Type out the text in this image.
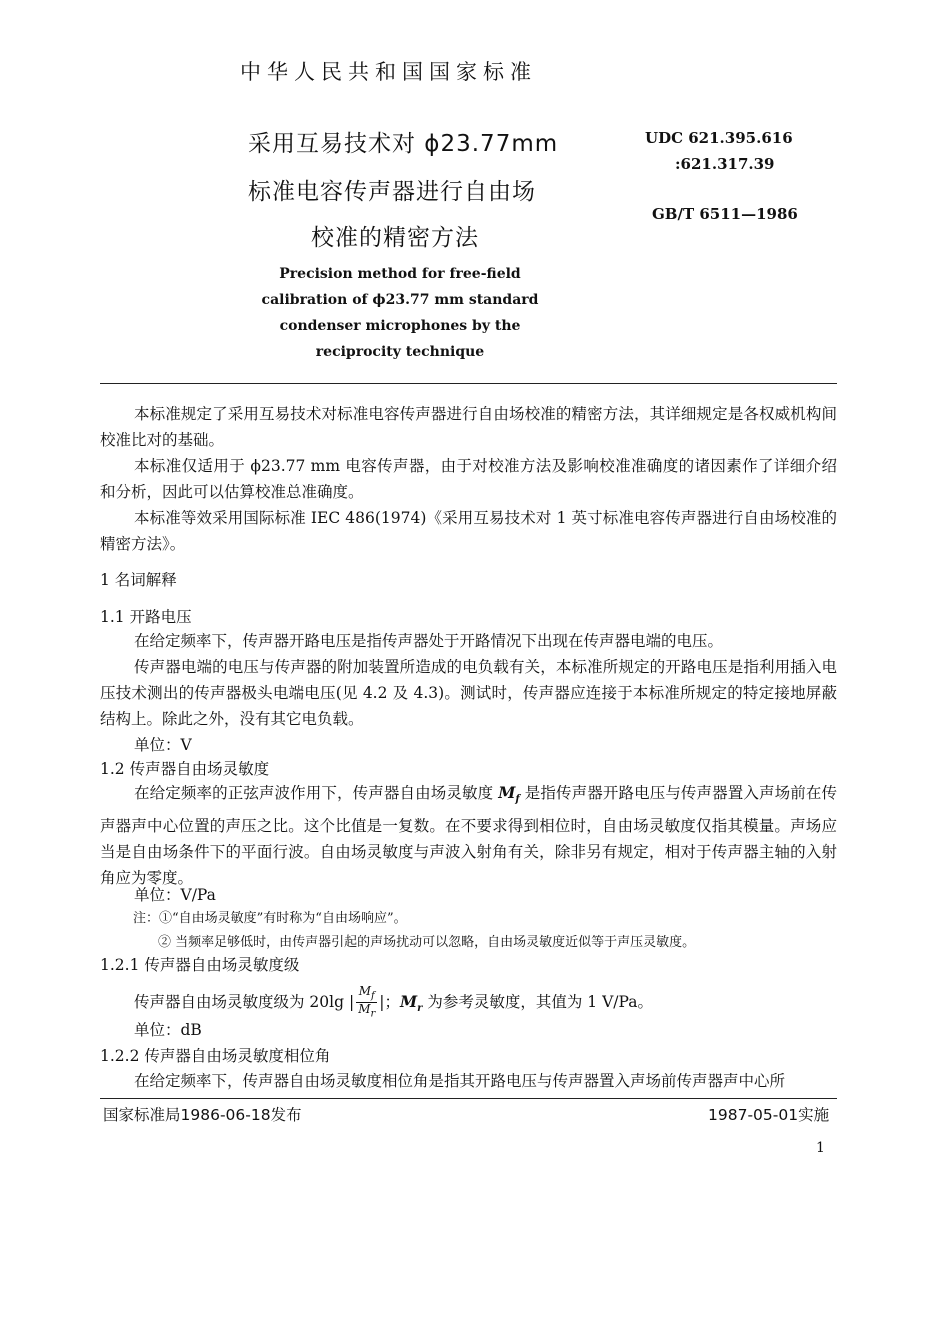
中华人民共和国国家标准
采用互易技术对 ϕ23.77mm
标准电容传声器进行自由场
校准的精密方法
UDC 621.395.616
:621.317.39
GB/T 6511—1986
Precision method for free-field
calibration of ϕ23.77 mm standard
condenser microphones by the
reciprocity technique
本标准规定了采用互易技术对标准电容传声器进行自由场校准的精密方法，其详细规定是各权威机构间校准比对的基础。
本标准仅适用于 ϕ23.77 mm 电容传声器，由于对校准方法及影响校准准确度的诸因素作了详细介绍和分析，因此可以估算校准总准确度。
本标准等效采用国际标准 IEC 486(1974)《采用互易技术对 1 英寸标准电容传声器进行自由场校准的精密方法》。
1 名词解释
1.1 开路电压
在给定频率下，传声器开路电压是指传声器处于开路情况下出现在传声器电端的电压。
传声器电端的电压与传声器的附加装置所造成的电负载有关，本标准所规定的开路电压是指利用插入电压技术测出的传声器极头电端电压(见 4.2 及 4.3)。测试时，传声器应连接于本标准所规定的特定接地屏蔽结构上。除此之外，没有其它电负载。
单位：V
1.2 传声器自由场灵敏度
在给定频率的正弦声波作用下，传声器自由场灵敏度 $M_f$ 是指传声器开路电压与传声器置入声场前在传声器声中心位置的声压之比。这个比值是一复数。在不要求得到相位时，自由场灵敏度仅指其模量。声场应当是自由场条件下的平面行波。自由场灵敏度与声波入射角有关，除非另有规定，相对于传声器主轴的入射角应为零度。
单位：V/Pa
注：①“自由场灵敏度”有时称为“自由场响应”。
② 当频率足够低时，由传声器引起的声场扰动可以忽略，自由场灵敏度近似等于声压灵敏度。
1.2.1 传声器自由场灵敏度级
传声器自由场灵敏度级为 20lg | $\frac{M_f}{M_r}$ |；$M_r$ 为参考灵敏度，其值为 1 V/Pa。
单位：dB
1.2.2 传声器自由场灵敏度相位角
在给定频率下，传声器自由场灵敏度相位角是指其开路电压与传声器置入声场前传声器声中心所
国家标准局1986-06-18发布	1987-05-01实施
1
